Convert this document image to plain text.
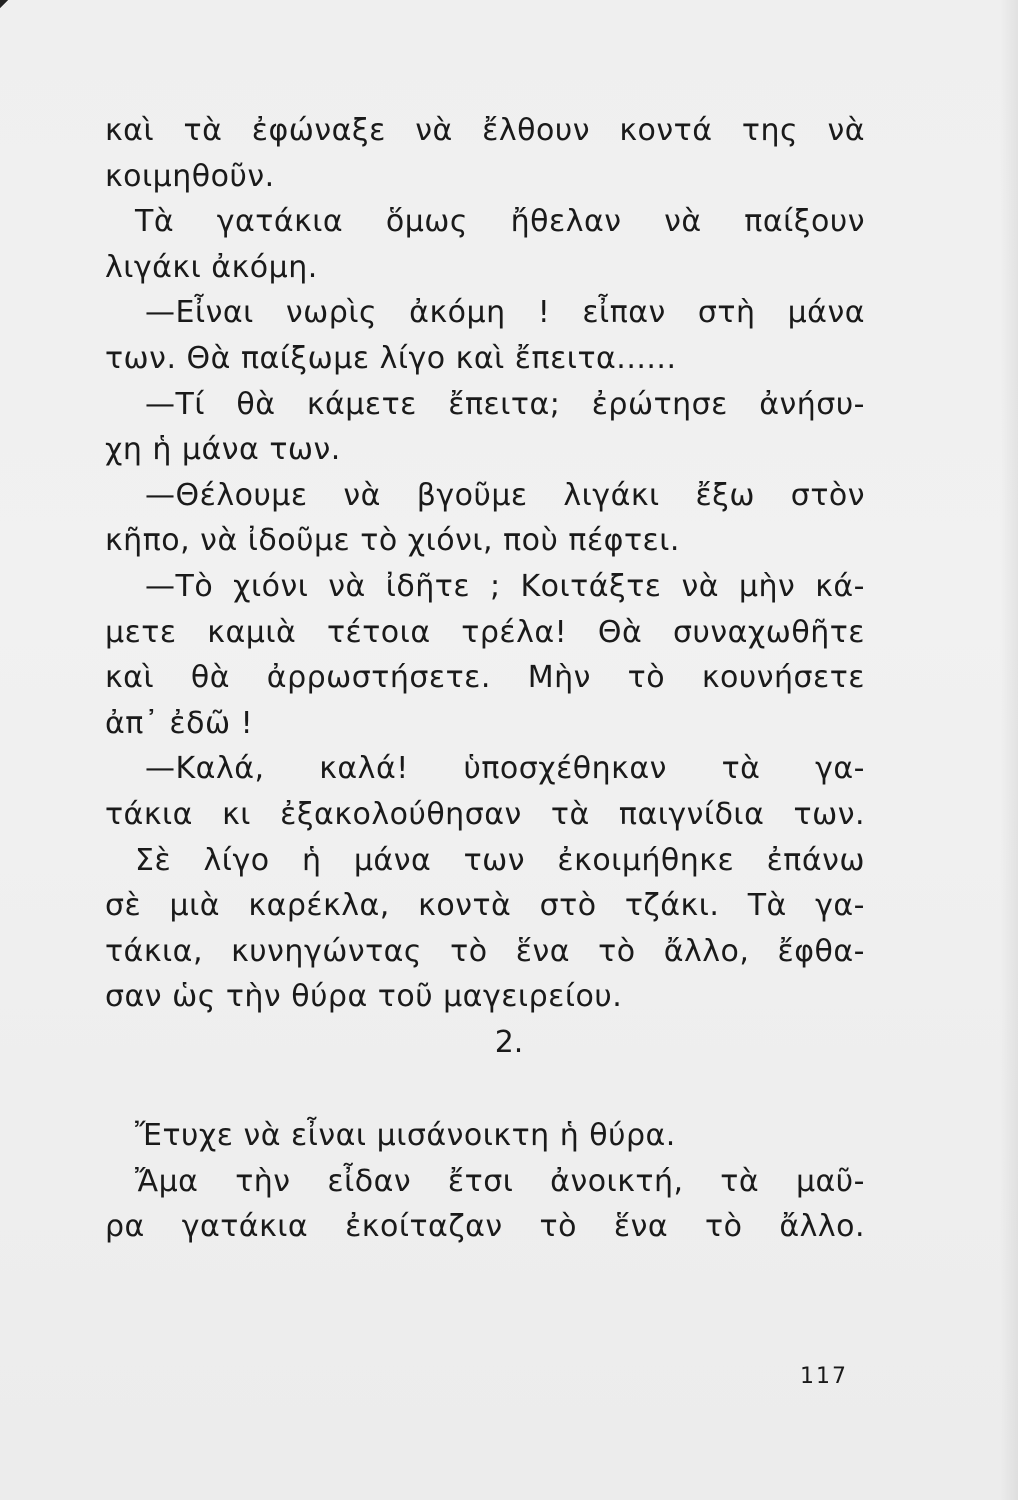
καὶ τὰ ἐφώναξε νὰ ἔλθουν κοντά της νὰ
κοιμηθοῦν.
Τὰ γατάκια ὅμως ἤθελαν νὰ παίξουν
λιγάκι ἀκόμη.
—Εἶναι νωρὶς ἀκόμη ! εἶπαν στὴ μάνα
των. Θὰ παίξωμε λίγο καὶ ἔπειτα......
—Τί θὰ κάμετε ἔπειτα; ἐρώτησε ἀνήσυ-
χη ἡ μάνα των.
—Θέλουμε νὰ βγοῦμε λιγάκι ἔξω στὸν
κῆπο, νὰ ἰδοῦμε τὸ χιόνι, ποὺ πέφτει.
—Τὸ χιόνι νὰ ἰδῆτε ; Κοιτάξτε νὰ μὴν κά-
μετε καμιὰ τέτοια τρέλα! Θὰ συναχωθῆτε
καὶ θὰ ἀρρωστήσετε. Μὴν τὸ κουνήσετε
ἀπ᾿ ἐδῶ !
—Καλά, καλά! ὑποσχέθηκαν τὰ γα-
τάκια κι ἐξακολούθησαν τὰ παιγνίδια των.
Σὲ λίγο ἡ μάνα των ἐκοιμήθηκε ἐπάνω
σὲ μιὰ καρέκλα, κοντὰ στὸ τζάκι. Τὰ γα-
τάκια, κυνηγώντας τὸ ἕνα τὸ ἄλλο, ἔφθα-
σαν ὡς τὴν θύρα τοῦ μαγειρείου.
2.
Ἔτυχε νὰ εἶναι μισάνοικτη ἡ θύρα.
Ἄμα τὴν εἶδαν ἔτσι ἀνοικτή, τὰ μαῦ-
ρα γατάκια ἐκοίταζαν τὸ ἕνα τὸ ἄλλο.
117
